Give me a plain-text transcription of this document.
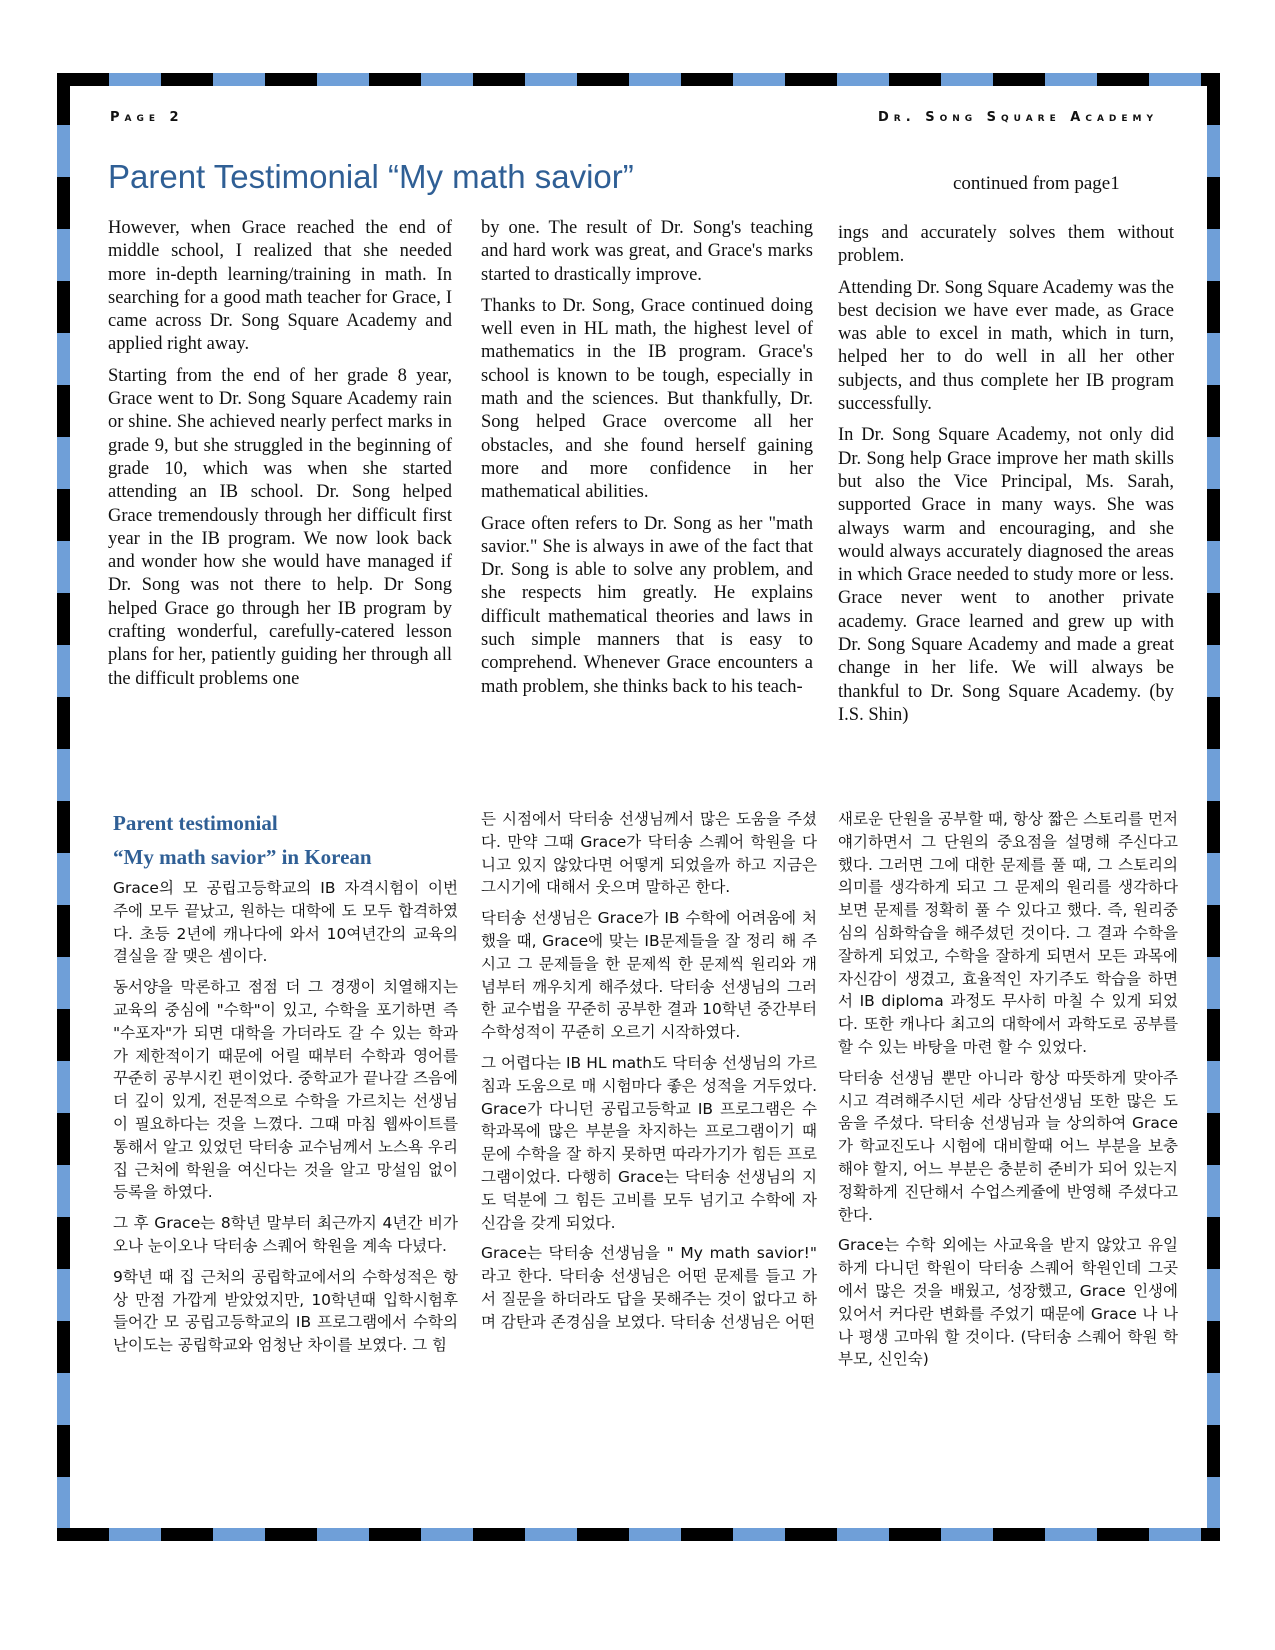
Page 2	Dr. Song Square Academy
Parent Testimonial “My math savior”	continued from page1

However, when Grace reached the end of middle school, I realized that she needed more in-depth learning/training in math. In searching for a good math teacher for Grace, I came across Dr. Song Square Academy and applied right away.

Starting from the end of her grade 8 year, Grace went to Dr. Song Square Academy rain or shine. She achieved nearly perfect marks in grade 9, but she struggled in the beginning of grade 10, which was when she started attending an IB school. Dr. Song helped Grace tremendously through her difficult first year in the IB program. We now look back and wonder how she would have managed if Dr. Song was not there to help. Dr Song helped Grace go through her IB program by crafting wonderful, carefully-catered lesson plans for her, patiently guiding her through all the difficult problems one

by one. The result of Dr. Song's teaching and hard work was great, and Grace's marks started to drastically improve.

Thanks to Dr. Song, Grace continued doing well even in HL math, the highest level of mathematics in the IB program. Grace's school is known to be tough, especially in math and the sciences. But thankfully, Dr. Song helped Grace overcome all her obstacles, and she found herself gaining more and more confidence in her mathematical abilities.

Grace often refers to Dr. Song as her "math savior." She is always in awe of the fact that Dr. Song is able to solve any problem, and she respects him greatly. He explains difficult mathematical theories and laws in such simple manners that is easy to comprehend. Whenever Grace encounters a math problem, she thinks back to his teach-

ings and accurately solves them without problem.

Attending Dr. Song Square Academy was the best decision we have ever made, as Grace was able to excel in math, which in turn, helped her to do well in all her other subjects, and thus complete her IB program successfully.

In Dr. Song Square Academy, not only did Dr. Song help Grace improve her math skills but also the Vice Principal, Ms. Sarah, supported Grace in many ways. She was always warm and encouraging, and she would always accurately diagnosed the areas in which Grace needed to study more or less. Grace never went to another private academy. Grace learned and grew up with Dr. Song Square Academy and made a great change in her life. We will always be thankful to Dr. Song Square Academy. (by I.S. Shin)

Parent testimonial
“My math savior” in Korean

Grace의 모 공립고등학교의 IB 자격시험이 이번 주에 모두 끝났고, 원하는 대학에 도 모두 합격하였다. 초등 2년에 캐나다에 와서 10여년간의 교육의 결실을 잘 맺은 셈이다.

동서양을 막론하고 점점 더 그 경쟁이 치열해지는 교육의 중심에 "수학"이 있고, 수학을 포기하면 즉 "수포자"가 되면 대학을 가더라도 갈 수 있는 학과가 제한적이기 때문에 어릴 때부터 수학과 영어를 꾸준히 공부시킨 편이었다. 중학교가 끝나갈 즈음에 더 깊이 있게, 전문적으로 수학을 가르치는 선생님이 필요하다는 것을 느꼈다. 그때 마침 웹싸이트를 통해서 알고 있었던 닥터송 교수님께서 노스욕 우리 집 근처에 학원을 여신다는 것을 알고 망설임 없이 등록을 하였다.

그 후 Grace는 8학년 말부터 최근까지 4년간 비가오나 눈이오나 닥터송 스퀘어 학원을 계속 다녔다.

9학년 때 집 근처의 공립학교에서의 수학성적은 항상 만점 가깝게 받았었지만, 10학년때 입학시험후 들어간 모 공립고등학교의 IB 프로그램에서 수학의 난이도는 공립학교와 엄청난 차이를 보였다. 그 힘

든 시점에서 닥터송 선생님께서 많은 도움을 주셨다. 만약 그때 Grace가 닥터송 스퀘어 학원을 다니고 있지 않았다면 어떻게 되었을까 하고 지금은 그시기에 대해서 웃으며 말하곤 한다.

닥터송 선생님은 Grace가 IB 수학에 어려움에 처했을 때, Grace에 맞는 IB문제들을 잘 정리 해 주시고 그 문제들을 한 문제씩 한 문제씩 원리와 개념부터 깨우치게 해주셨다. 닥터송 선생님의 그러한 교수법을 꾸준히 공부한 결과 10학년 중간부터 수학성적이 꾸준히 오르기 시작하였다.

그 어렵다는 IB HL math도 닥터송 선생님의 가르침과 도움으로 매 시험마다 좋은 성적을 거두었다. Grace가 다니던 공립고등학교 IB 프로그램은 수학과목에 많은 부분을 차지하는 프로그램이기 때문에 수학을 잘 하지 못하면 따라가기가 힘든 프로그램이었다. 다행히 Grace는 닥터송 선생님의 지도 덕분에 그 힘든 고비를 모두 넘기고 수학에 자신감을 갖게 되었다.

Grace는 닥터송 선생님을 " My math savior!" 라고 한다. 닥터송 선생님은 어떤 문제를 들고 가서 질문을 하더라도 답을 못해주는 것이 없다고 하며 감탄과 존경심을 보였다. 닥터송 선생님은 어떤

새로운 단원을 공부할 때, 항상 짧은 스토리를 먼저 얘기하면서 그 단원의 중요점을 설명해 주신다고 했다. 그러면 그에 대한 문제를 풀 때, 그 스토리의 의미를 생각하게 되고 그 문제의 원리를 생각하다 보면 문제를 정확히 풀 수 있다고 했다. 즉, 원리중심의 심화학습을 해주셨던 것이다. 그 결과 수학을 잘하게 되었고, 수학을 잘하게 되면서 모든 과목에 자신감이 생겼고, 효율적인 자기주도 학습을 하면서 IB diploma 과정도 무사히 마칠 수 있게 되었다. 또한 캐나다 최고의 대학에서 과학도로 공부를 할 수 있는 바탕을 마련 할 수 있었다.

닥터송 선생님 뿐만 아니라 항상 따뜻하게 맞아주시고 격려해주시던 세라 상담선생님 또한 많은 도움을 주셨다. 닥터송 선생님과 늘 상의하여 Grace 가 학교진도나 시험에 대비할때 어느 부분을 보충 해야 할지, 어느 부분은 충분히 준비가 되어 있는지 정확하게 진단해서 수업스케쥴에 반영해 주셨다고 한다.

Grace는 수학 외에는 사교육을 받지 않았고 유일하게 다니던 학원이 닥터송 스퀘어 학원인데 그곳에서 많은 것을 배웠고, 성장했고, Grace 인생에 있어서 커다란 변화를 주었기 때문에 Grace 나 나나 평생 고마워 할 것이다. (닥터송 스퀘어 학원 학부모, 신인숙)
